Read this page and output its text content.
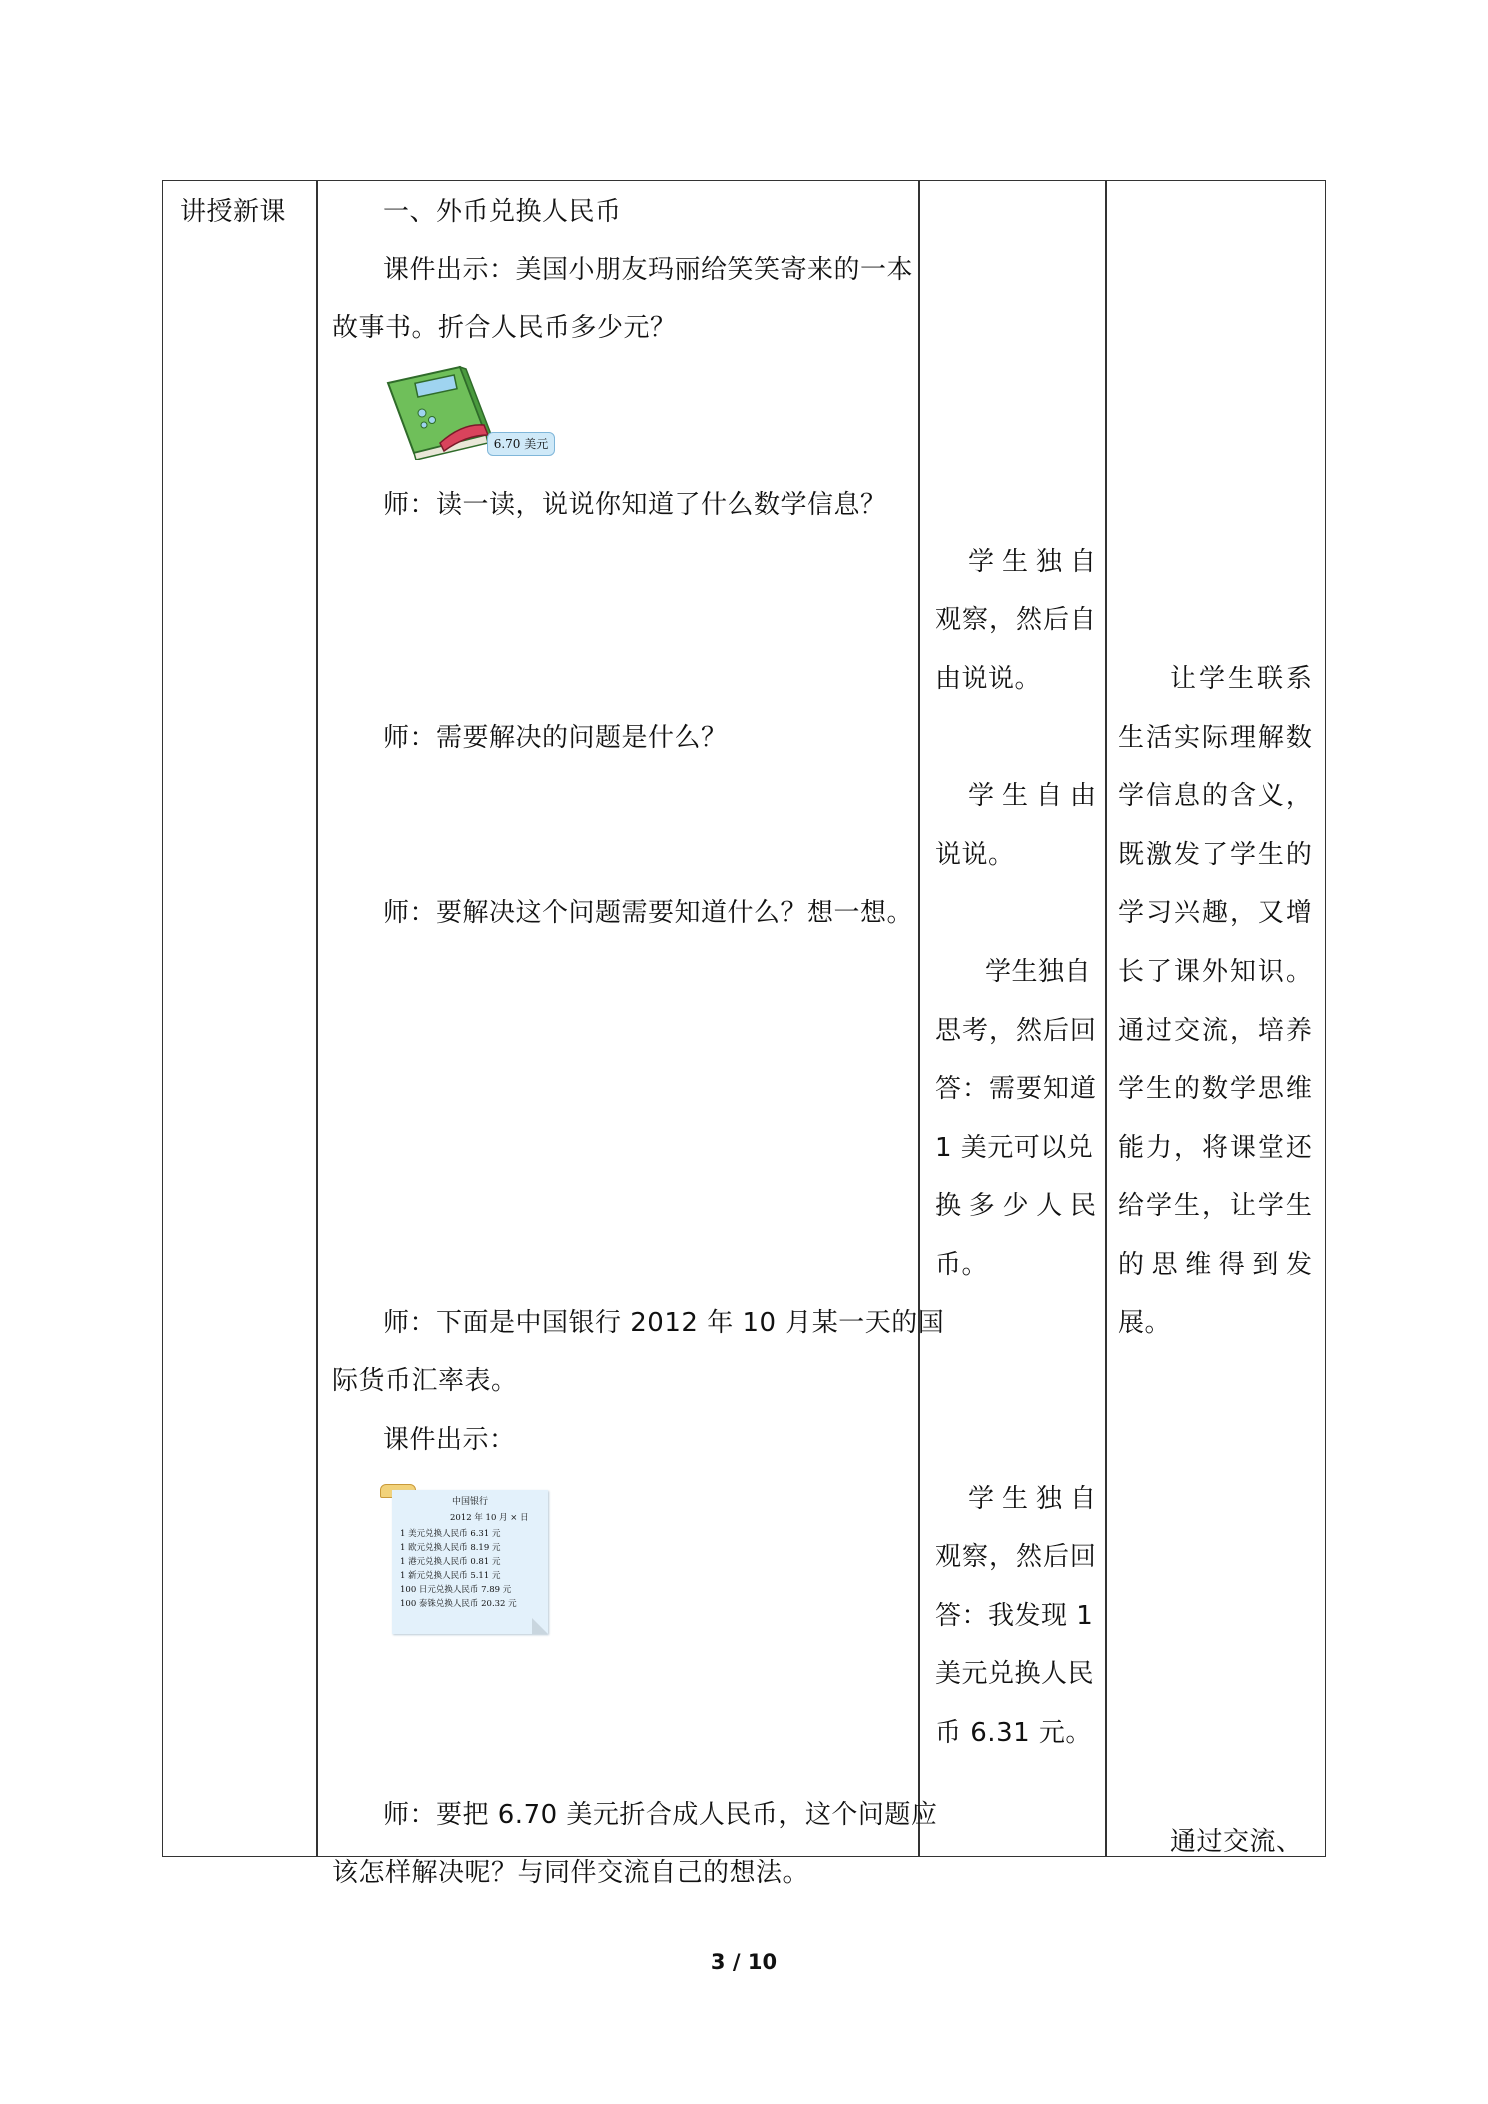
讲授新课	一、外币兑换人民币
课件出示：美国小朋友玛丽给笑笑寄来的一本
故事书。折合人民币多少元？
6.70 美元
师：读一读，说说你知道了什么数学信息？
师：需要解决的问题是什么？
师：要解决这个问题需要知道什么？想一想。
师：下面是中国银行 2012 年 10 月某一天的国
际货币汇率表。
课件出示：
中国银行
2012 年 10 月 × 日
1 美元兑换人民币 6.31 元
1 欧元兑换人民币 8.19 元
1 港元兑换人民币 0.81 元
1 新元兑换人民币 5.11 元
100 日元兑换人民币 7.89 元
100 泰铢兑换人民币 20.32 元
师：要把 6.70 美元折合成人民币，这个问题应
该怎样解决呢？与同伴交流自己的想法。
学 生 独 自
观 察 ， 然 后 自
由说说。
学 生 自 由
说说。
学生独自
思 考 ， 然 后 回
答 ： 需 要 知 道
1 美元可以兑
换 多 少 人 民
币。
学 生 独 自
观 察 ， 然 后 回
答：我发现 1
美元兑换人民
币 6.31 元。
让 学 生 联 系
生 活 实 际 理 解 数
学 信 息 的 含 义 ，
既 激 发 了 学 生 的
学 习 兴 趣 ， 又 增
长 了 课 外 知 识 。
通 过 交 流 ， 培 养
学 生 的 数 学 思 维
能 力 ， 将 课 堂 还
给 学 生 ， 让 学 生
的 思 维 得 到 发
展。
通过交流、
3 / 10
